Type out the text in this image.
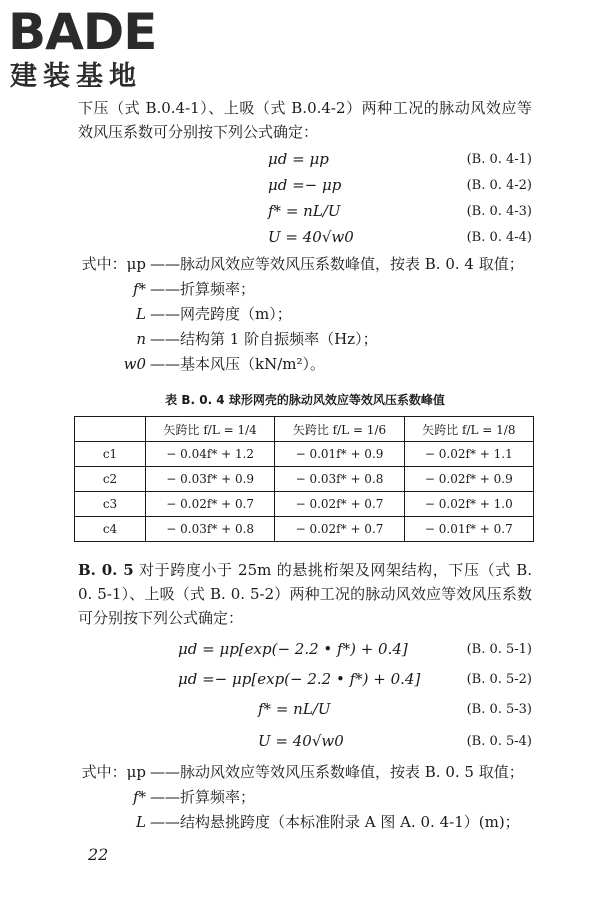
BADE
建装基地

下压（式 B.0.4-1）、上吸（式 B.0.4-2）两种工况的脉动风效应等效风压系数可分别按下列公式确定：

μd = μp	(B. 0. 4-1)
μd =− μp	(B. 0. 4-2)
f* = nL/U	(B. 0. 4-3)
U = 40√w0	(B. 0. 4-4)
式中：μp ——脉动风效应等效风压系数峰值，按表 B. 0. 4 取值；
f* ——折算频率；
L ——网壳跨度（m）；
n ——结构第 1 阶自振频率（Hz）；
w0 ——基本风压（kN/m²）。
表 B. 0. 4 球形网壳的脉动风效应等效风压系数峰值
	矢跨比 f/L = 1/4	矢跨比 f/L = 1/6	矢跨比 f/L = 1/8
c1	− 0.04f* + 1.2	− 0.01f* + 0.9	− 0.02f* + 1.1
c2	− 0.03f* + 0.9	− 0.03f* + 0.8	− 0.02f* + 0.9
c3	− 0.02f* + 0.7	− 0.02f* + 0.7	− 0.02f* + 1.0
c4	− 0.03f* + 0.8	− 0.02f* + 0.7	− 0.01f* + 0.7

B. 0. 5 对于跨度小于 25m 的悬挑桁架及网架结构，下压（式 B. 0. 5-1）、上吸（式 B. 0. 5-2）两种工况的脉动风效应等效风压系数可分别按下列公式确定：

μd = μp[exp(− 2.2 • f*) + 0.4]	(B. 0. 5-1)
μd =− μp[exp(− 2.2 • f*) + 0.4]	(B. 0. 5-2)
f* = nL/U	(B. 0. 5-3)
U = 40√w0	(B. 0. 5-4)
式中：μp ——脉动风效应等效风压系数峰值，按表 B. 0. 5 取值；
f* ——折算频率；
L ——结构悬挑跨度（本标准附录 A 图 A. 0. 4-1）(m)；
22
